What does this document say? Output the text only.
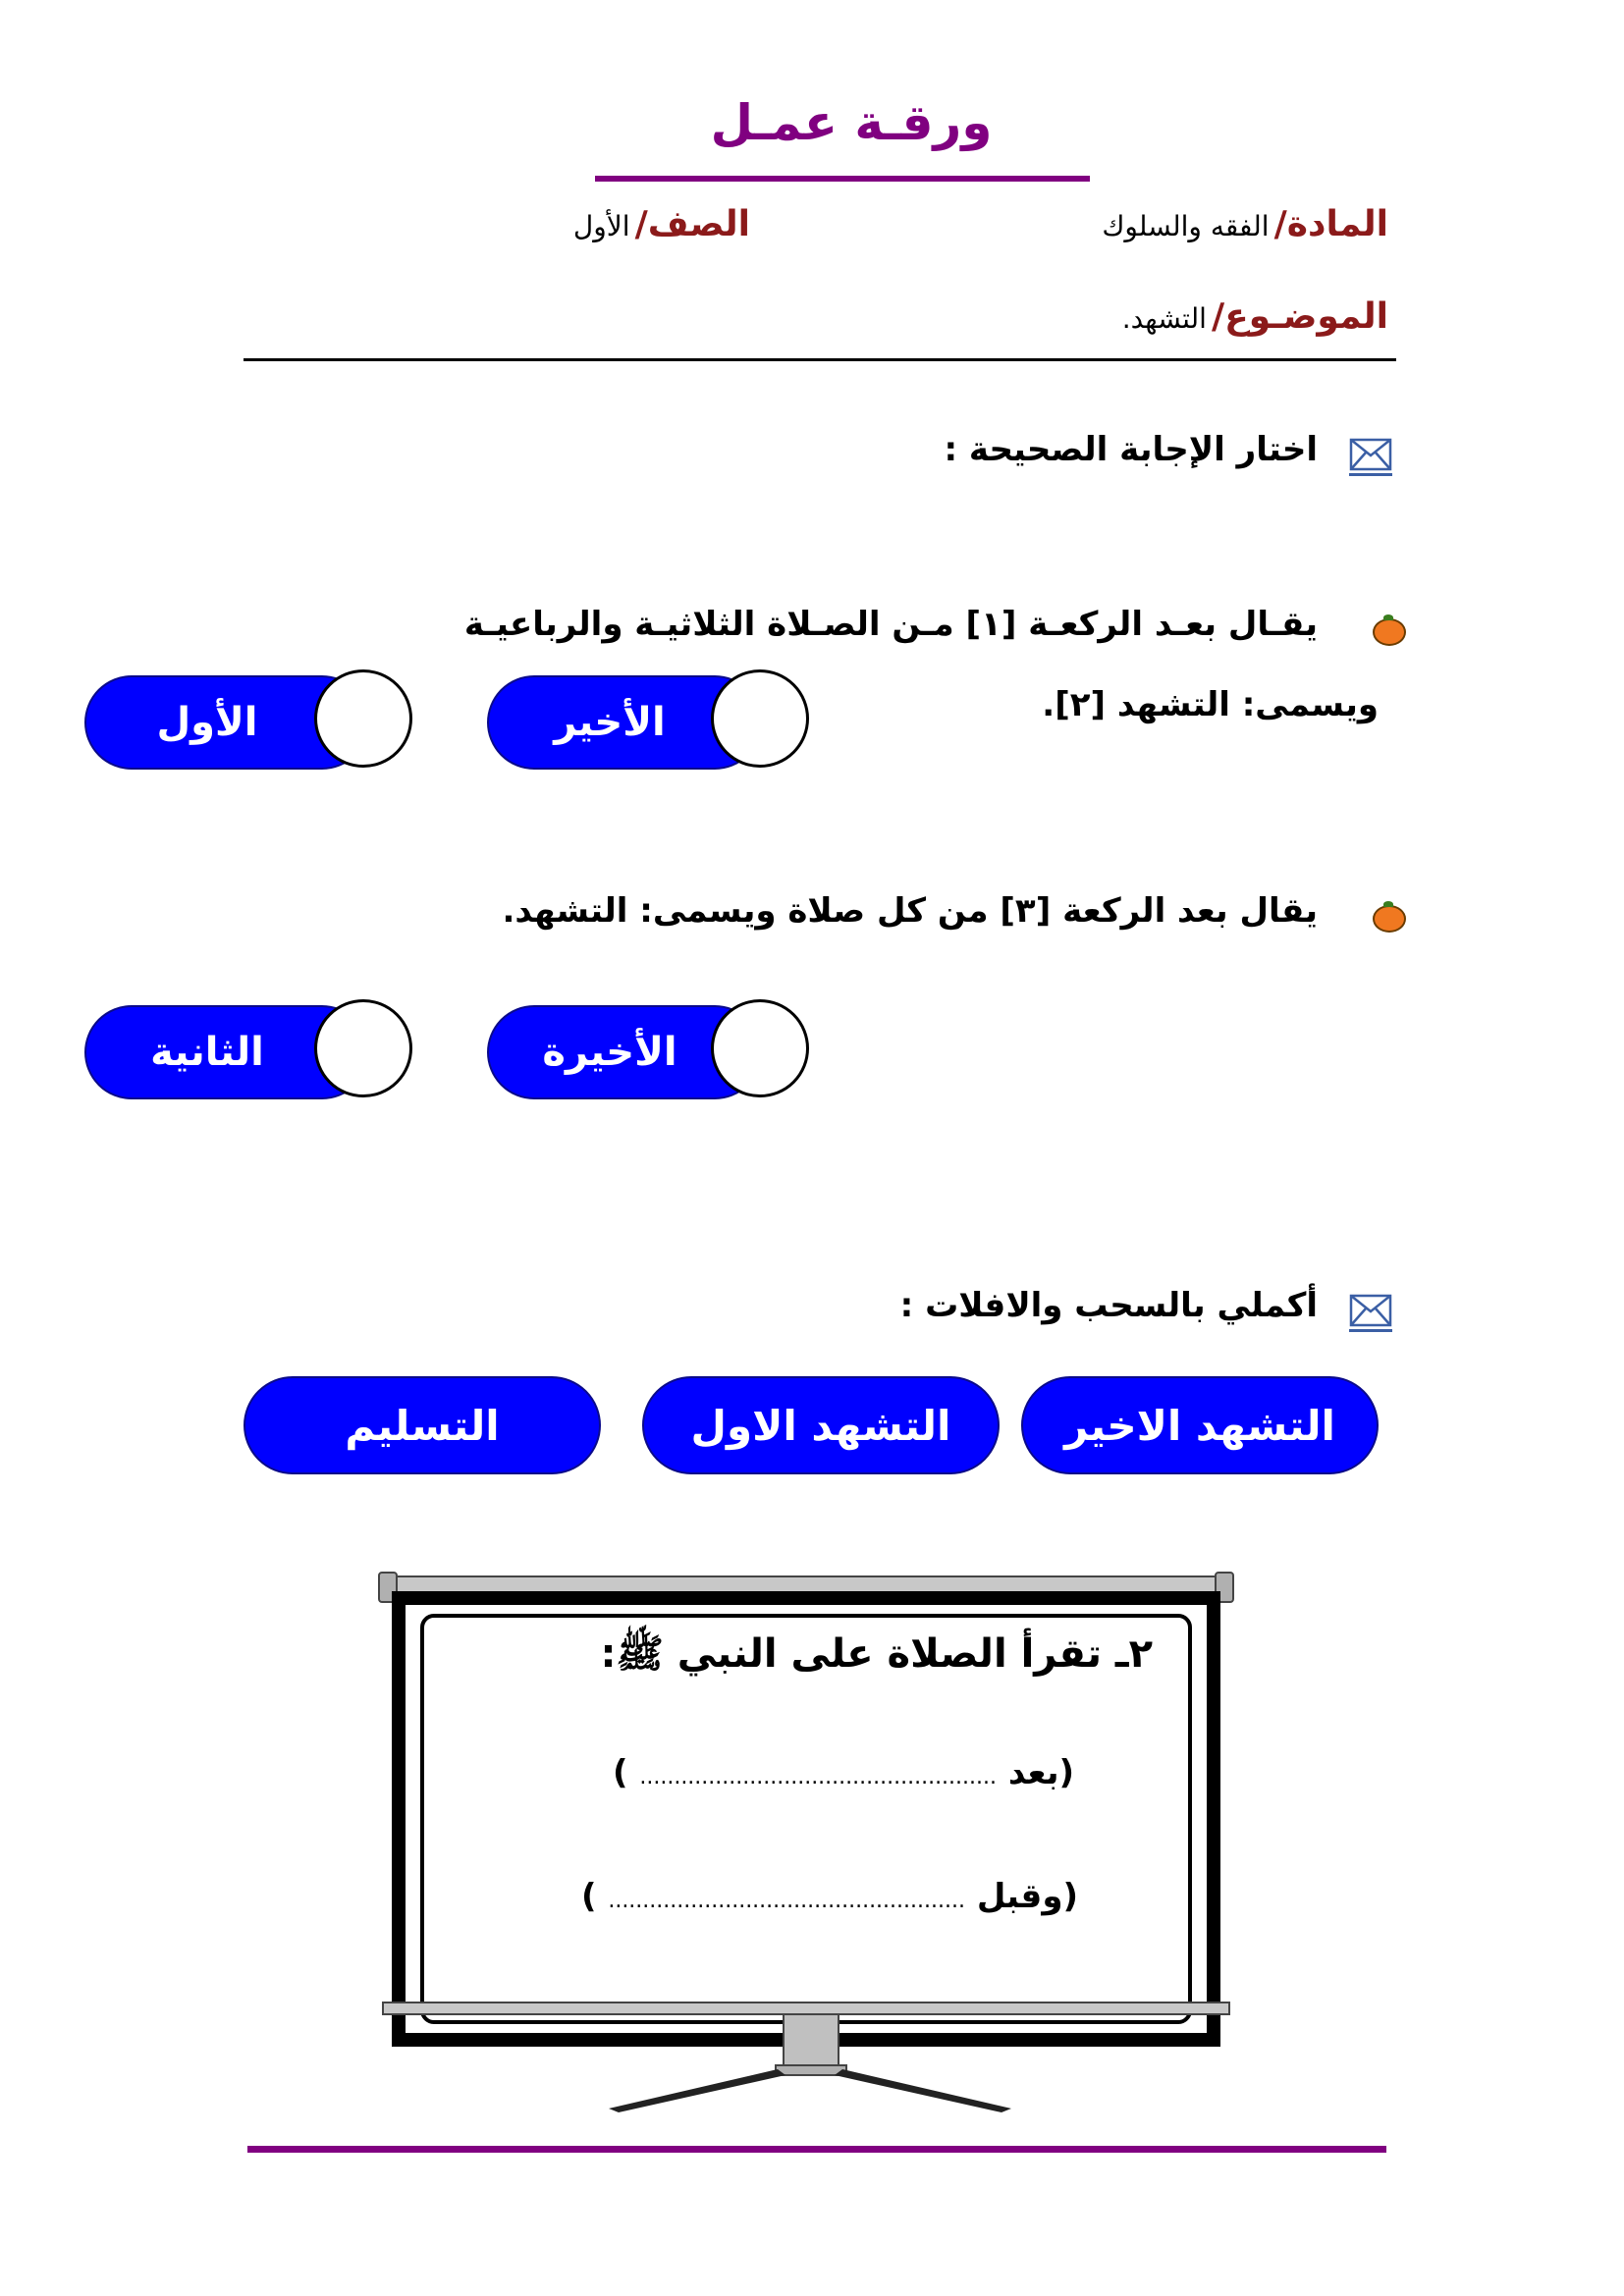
ورقـة عمـل
المادة/ الفقه والسلوك
الصف/ الأول
الموضـوع/ التشهد.
اختار الإجابة الصحيحة :
يقـال بعـد الركعـة [١] مـن الصـلاة الثلاثيـة والرباعيـة
ويسمى: التشهد [٢].
الأخير
الأول
يقال بعد الركعة [٣] من كل صلاة ويسمى: التشهد.
الأخيرة
الثانية
أكملي بالسحب والافلات :
التشهد الاخير
التشهد الاول
التسليم
٢ـ تقرأ الصلاة على النبي ﷺ:
(بعد .................................................... )
(وقبل .................................................... )
